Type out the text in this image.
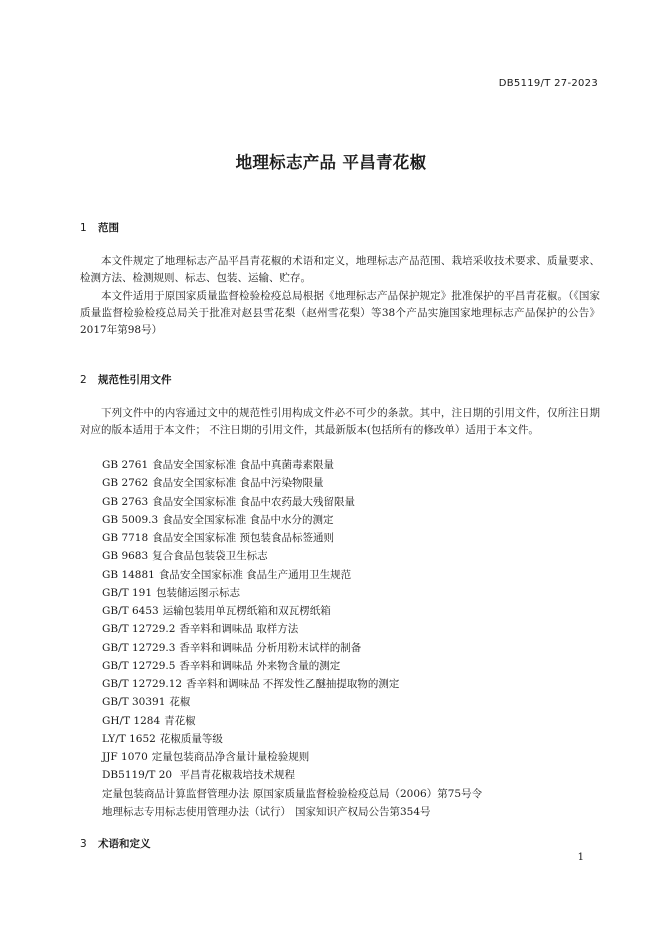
DB5119/T 27-2023
地理标志产品 平昌青花椒
1 范围

本文件规定了地理标志产品平昌青花椒的术语和定义，地理标志产品范围、栽培采收技术要求、质量要求、检测方法、检测规则、标志、包装、运输、贮存。

本文件适用于原国家质量监督检验检疫总局根据《地理标志产品保护规定》批准保护的平昌青花椒。（《国家质量监督检验检疫总局关于批准对赵县雪花梨（赵州雪花梨）等38个产品实施国家地理标志产品保护的公告》2017年第98号）

2 规范性引用文件

下列文件中的内容通过文中的规范性引用构成文件必不可少的条款。其中，注日期的引用文件，仅所注日期对应的版本适用于本文件； 不注日期的引用文件，其最新版本(包括所有的修改单）适用于本文件。

GB 2761 食品安全国家标准 食品中真菌毒素限量
GB 2762 食品安全国家标准 食品中污染物限量
GB 2763 食品安全国家标准 食品中农药最大残留限量
GB 5009.3 食品安全国家标准 食品中水分的测定
GB 7718 食品安全国家标准 预包装食品标签通则
GB 9683 复合食品包装袋卫生标志
GB 14881 食品安全国家标准 食品生产通用卫生规范
GB/T 191 包装储运图示标志
GB/T 6453 运输包装用单瓦楞纸箱和双瓦楞纸箱
GB/T 12729.2 香辛料和调味品 取样方法
GB/T 12729.3 香辛料和调味品 分析用粉末试样的制备
GB/T 12729.5 香辛料和调味品 外来物含量的测定
GB/T 12729.12 香辛料和调味品 不挥发性乙醚抽提取物的测定
GB/T 30391 花椒
GH/T 1284 青花椒
LY/T 1652 花椒质量等级
JJF 1070 定量包装商品净含量计量检验规则
DB5119/T 20 平昌青花椒栽培技术规程
定量包装商品计算监督管理办法 原国家质量监督检验检疫总局（2006）第75号令
地理标志专用标志使用管理办法（试行） 国家知识产权局公告第354号
3 术语和定义
1
